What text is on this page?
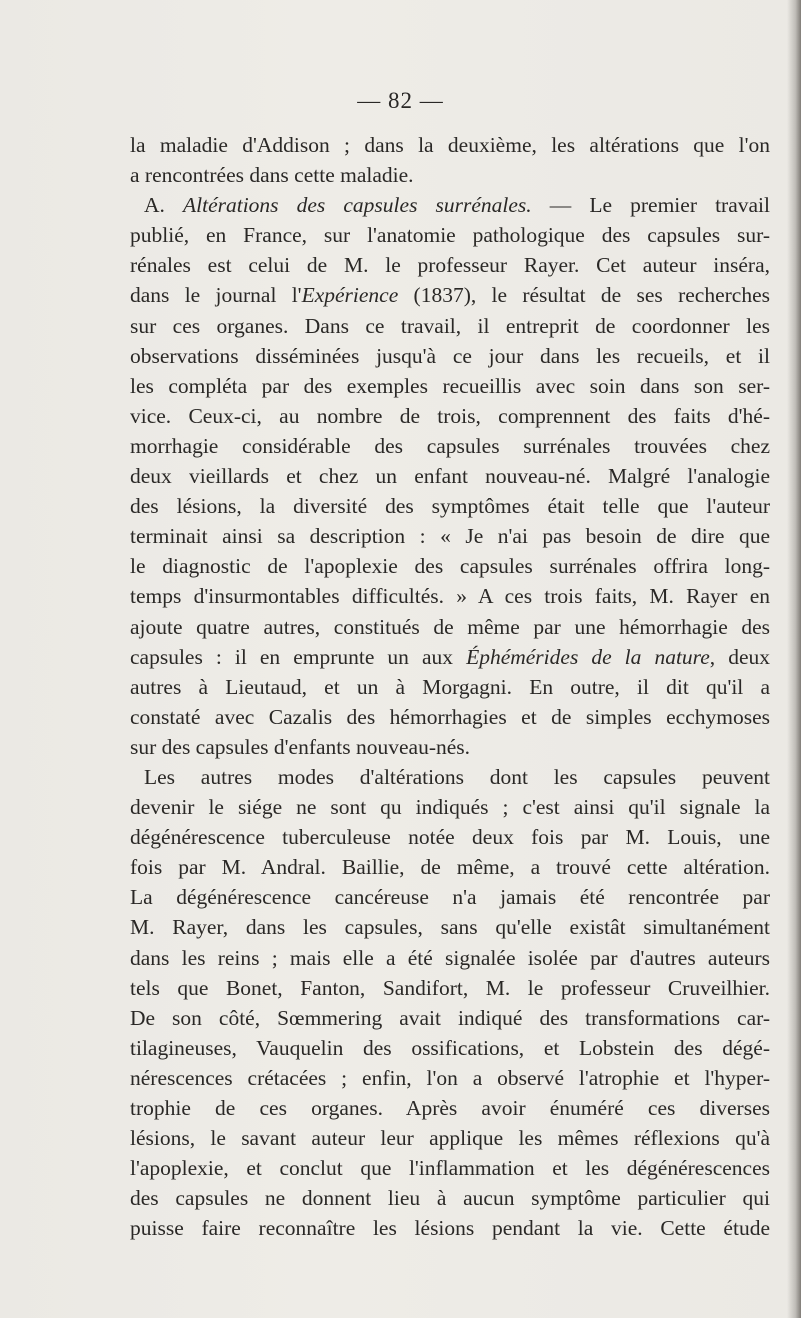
— 82 —
la maladie d'Addison ; dans la deuxième, les altérations que l'on
a rencontrées dans cette maladie.
A. Altérations des capsules surrénales. — Le premier travail
publié, en France, sur l'anatomie pathologique des capsules sur-
rénales est celui de M. le professeur Rayer. Cet auteur inséra,
dans le journal l'Expérience (1837), le résultat de ses recherches
sur ces organes. Dans ce travail, il entreprit de coordonner les
observations disséminées jusqu'à ce jour dans les recueils, et il
les compléta par des exemples recueillis avec soin dans son ser-
vice. Ceux-ci, au nombre de trois, comprennent des faits d'hé-
morrhagie considérable des capsules surrénales trouvées chez
deux vieillards et chez un enfant nouveau-né. Malgré l'analogie
des lésions, la diversité des symptômes était telle que l'auteur
terminait ainsi sa description : « Je n'ai pas besoin de dire que
le diagnostic de l'apoplexie des capsules surrénales offrira long-
temps d'insurmontables difficultés. » A ces trois faits, M. Rayer en
ajoute quatre autres, constitués de même par une hémorrhagie des
capsules : il en emprunte un aux Éphémérides de la nature, deux
autres à Lieutaud, et un à Morgagni. En outre, il dit qu'il a
constaté avec Cazalis des hémorrhagies et de simples ecchymoses
sur des capsules d'enfants nouveau-nés.
Les autres modes d'altérations dont les capsules peuvent
devenir le siége ne sont qu indiqués ; c'est ainsi qu'il signale la
dégénérescence tuberculeuse notée deux fois par M. Louis, une
fois par M. Andral. Baillie, de même, a trouvé cette altération.
La dégénérescence cancéreuse n'a jamais été rencontrée par
M. Rayer, dans les capsules, sans qu'elle existât simultanément
dans les reins ; mais elle a été signalée isolée par d'autres auteurs
tels que Bonet, Fanton, Sandifort, M. le professeur Cruveilhier.
De son côté, Sœmmering avait indiqué des transformations car-
tilagineuses, Vauquelin des ossifications, et Lobstein des dégé-
nérescences crétacées ; enfin, l'on a observé l'atrophie et l'hyper-
trophie de ces organes. Après avoir énuméré ces diverses
lésions, le savant auteur leur applique les mêmes réflexions qu'à
l'apoplexie, et conclut que l'inflammation et les dégénérescences
des capsules ne donnent lieu à aucun symptôme particulier qui
puisse faire reconnaître les lésions pendant la vie. Cette étude
